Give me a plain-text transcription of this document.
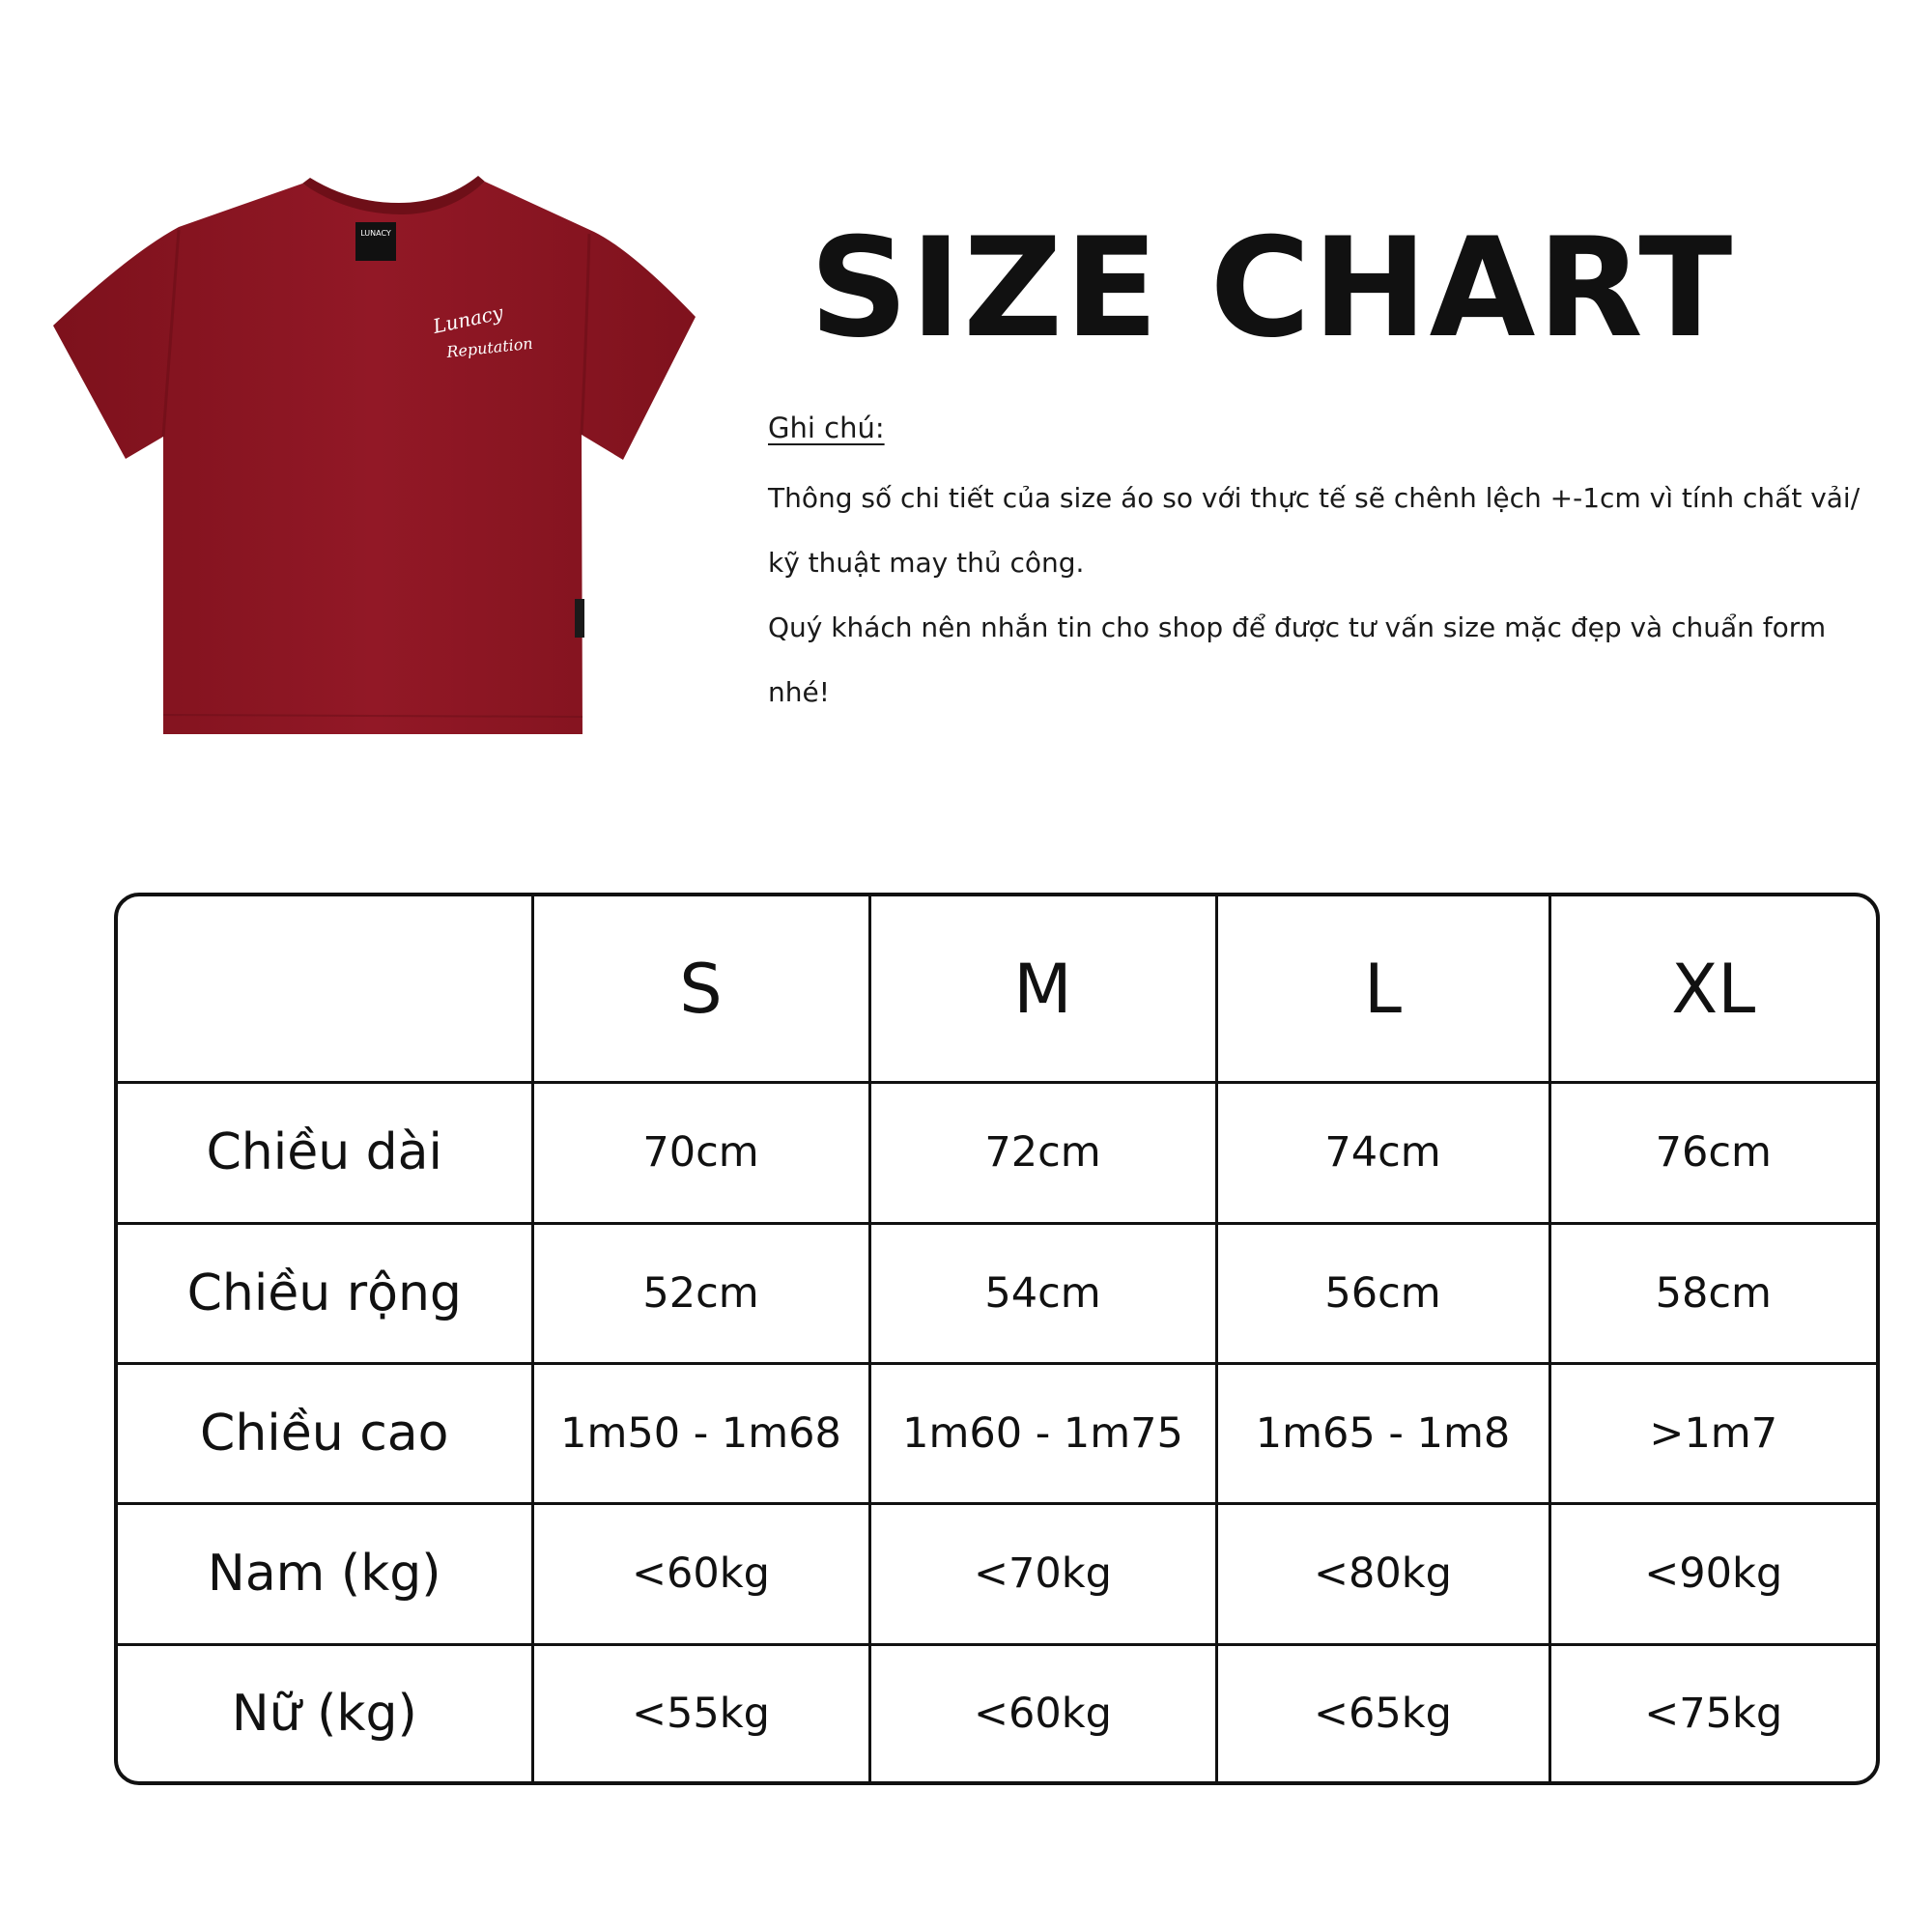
LUNACY
Lunacy
Reputation SIZE CHART
Ghi chú:

Thông số chi tiết của size áo so với thực tế sẽ chênh lệch +-1cm vì tính chất vải/ kỹ thuật may thủ công.

Quý khách nên nhắn tin cho shop để được tư vấn size mặc đẹp và chuẩn form nhé!

	S	M	L	XL
Chiều dài	70cm	72cm	74cm	76cm
Chiều rộng	52cm	54cm	56cm	58cm
Chiều cao	1m50 - 1m68	1m60 - 1m75	1m65 - 1m8	>1m7
Nam (kg)	<60kg	<70kg	<80kg	<90kg
Nữ (kg)	<55kg	<60kg	<65kg	<75kg
